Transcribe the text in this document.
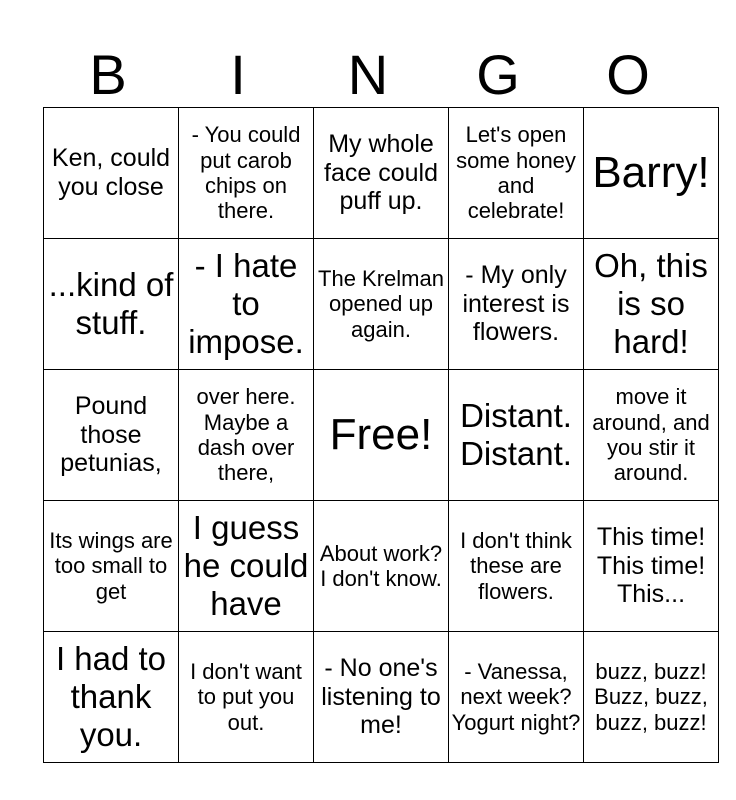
B	I	N	G	O
Ken, could you close	- You could put carob chips on there.	My whole face could puff up.	Let's open some honey and celebrate!	Barry!
...kind of stuff.	- I hate to impose.	The Krelman opened up again.	- My only interest is flowers.	Oh, this is so hard!
Pound those petunias,	over here. Maybe a dash over there,	Free!	Distant. Distant.	move it around, and you stir it around.
Its wings are too small to get	I guess he could have	About work? I don't know.	I don't think these are flowers.	This time! This time! This...
I had to thank you.	I don't want to put you out.	- No one's listening to me!	- Vanessa, next week? Yogurt night?	buzz, buzz! Buzz, buzz, buzz, buzz!
